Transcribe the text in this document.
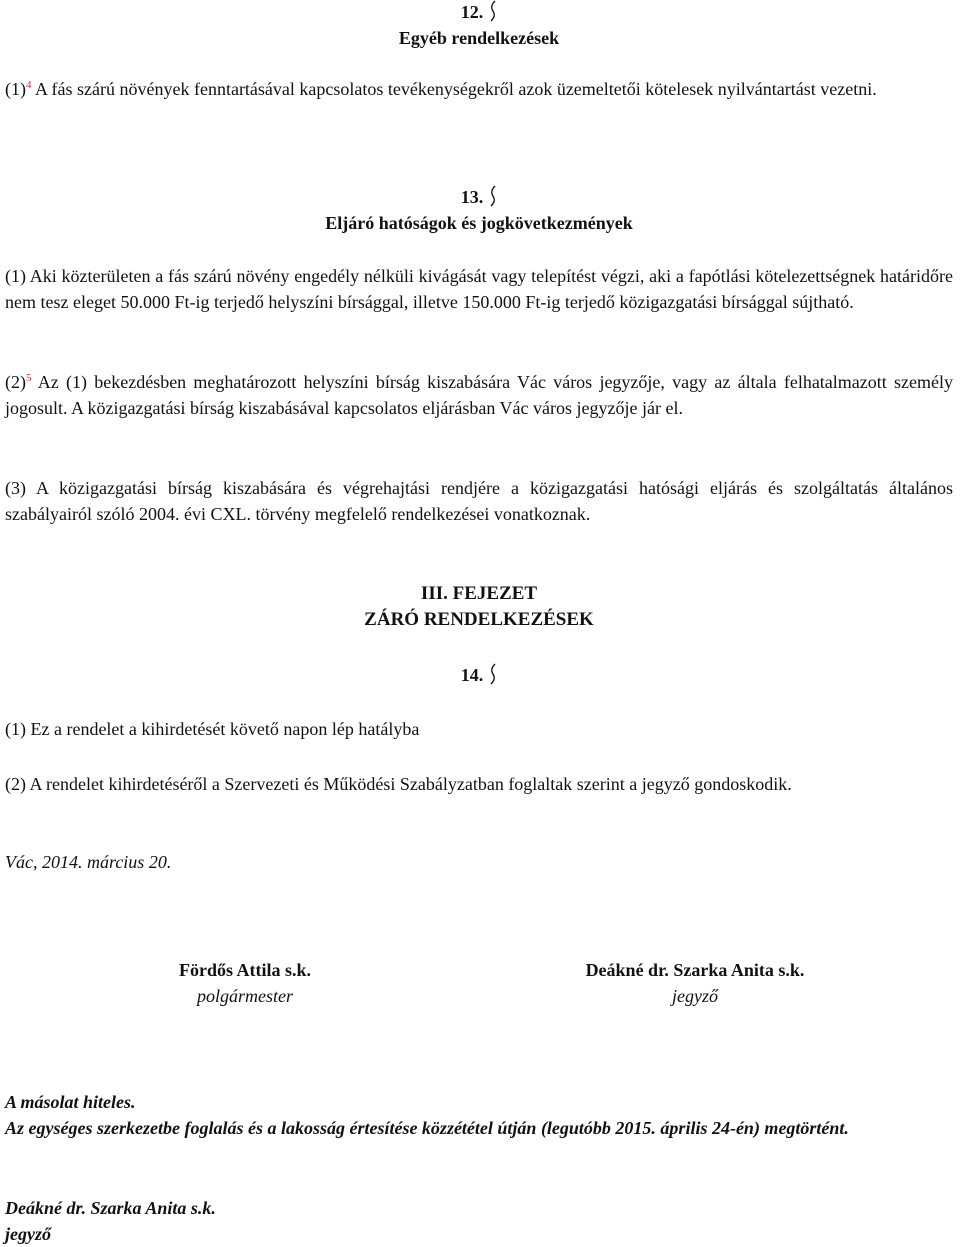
12.
Egyéb rendelkezések

$(1)^4$ A fás szárú növények fenntartásával kapcsolatos tevékenységekről azok üzemeltetői kötelesek nyilvántartást vezetni.

13.
Eljáró hatóságok és jogkövetkezmények

(1) Aki közterületen a fás szárú növény engedély nélküli kivágását vagy telepítést végzi, aki a fapótlási kötelezettségnek határidőre nem tesz eleget 50.000 Ft-ig terjedő helyszíni bírsággal, illetve 150.000 Ft-ig terjedő közigazgatási bírsággal sújtható.

$(2)^5$ Az (1) bekezdésben meghatározott helyszíni bírság kiszabására Vác város jegyzője, vagy az általa felhatalmazott személy jogosult. A közigazgatási bírság kiszabásával kapcsolatos eljárásban Vác város jegyzője jár el.

(3) A közigazgatási bírság kiszabására és végrehajtási rendjére a közigazgatási hatósági eljárás és szolgáltatás általános szabályairól szóló 2004. évi CXL. törvény megfelelő rendelkezései vonatkoznak.

III. FEJEZET
ZÁRÓ RENDELKEZÉSEK
14.

(1) Ez a rendelet a kihirdetését követő napon lép hatályba

(2) A rendelet kihirdetéséről a Szervezeti és Működési Szabályzatban foglaltak szerint a jegyző gondoskodik.

Vác, 2014. március 20.

Fördős Attila s.k.
polgármester
Deákné dr. Szarka Anita s.k.
jegyző
A másolat hiteles.
Az egységes szerkezetbe foglalás és a lakosság értesítése közzététel útján (legutóbb 2015. április 24-én) megtörtént.
Deákné dr. Szarka Anita s.k.
jegyző
